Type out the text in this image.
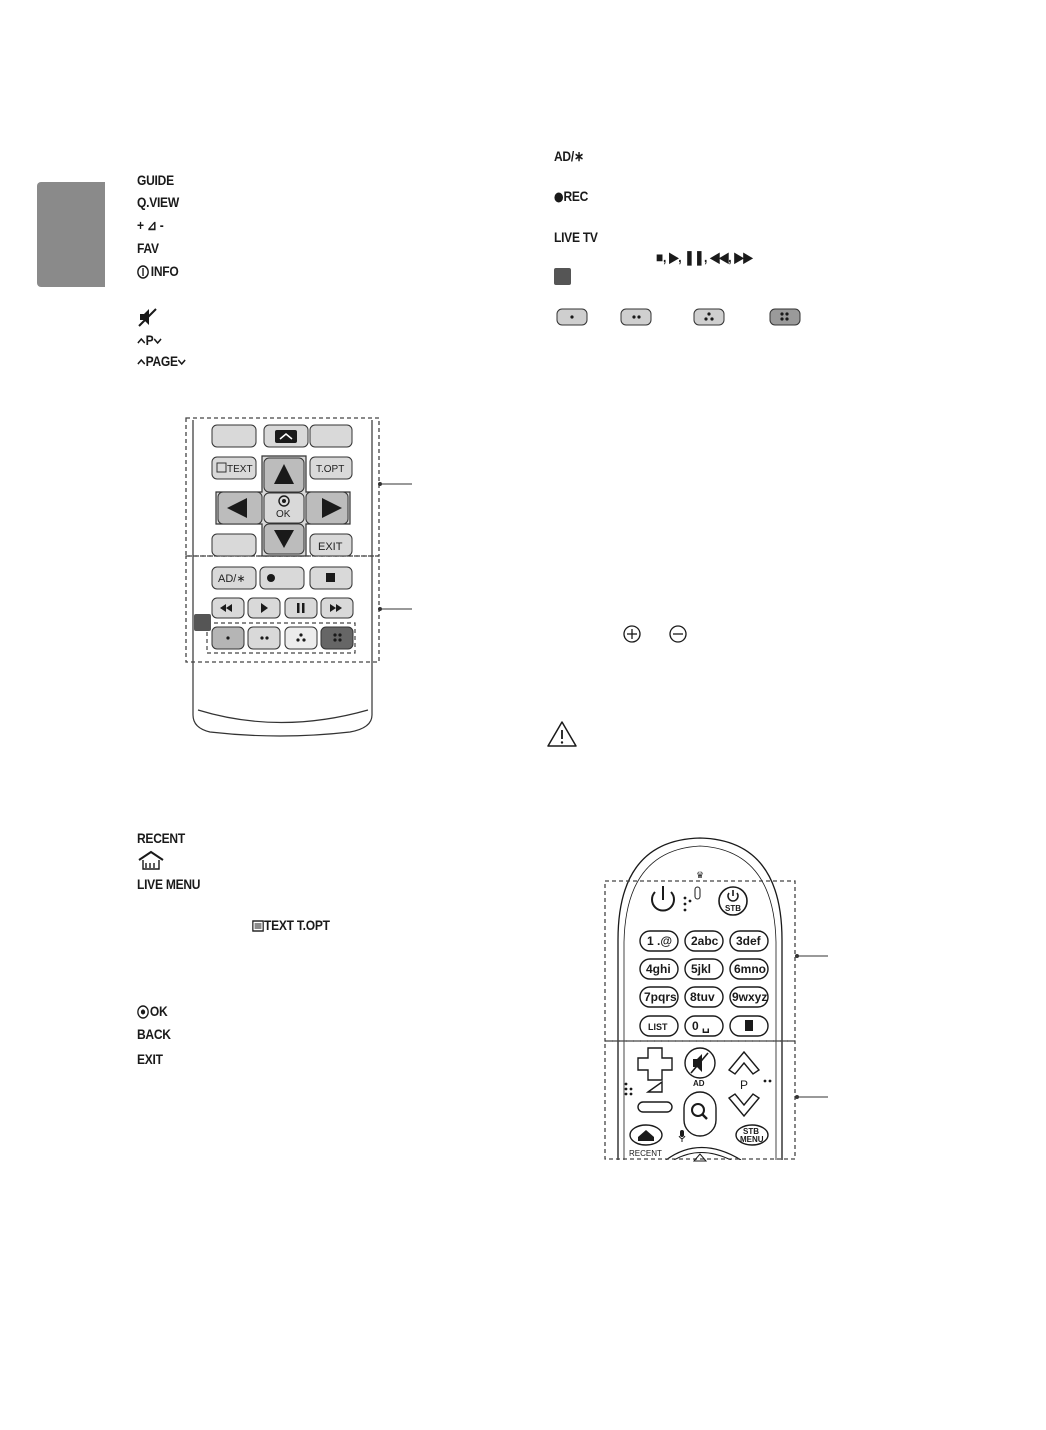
GUIDE
Q.VIEW
+ ⊿ -
FAV
INFO
P
PAGE
TEXT	T.OPT
OK
EXIT
AD/∗
RECENT
LIVE MENU
TEXT T.OPT
OK
BACK
EXIT
AD/∗
REC
LIVE TV
■, ▶, ❚❚, ◀◀, ▶▶
♛
STB
1 .@ 2abc 3def
4ghi 5jkl 6mno
7pqrs 8tuv 9wxyz
LIST 0 ␣
AD	P
RECENT
STB
MENU
